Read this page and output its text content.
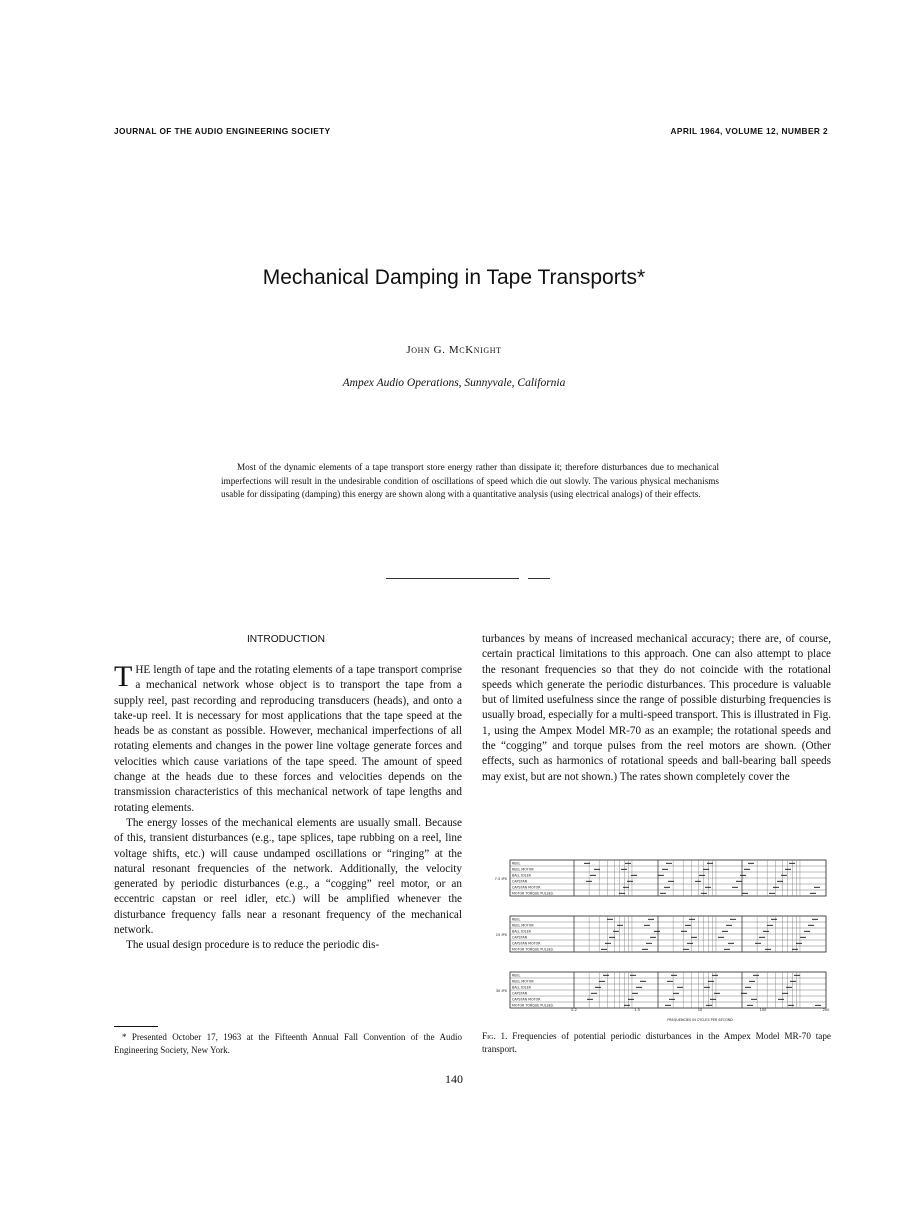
JOURNAL OF THE AUDIO ENGINEERING SOCIETY	APRIL 1964, VOLUME 12, NUMBER 2
Mechanical Damping in Tape Transports*
John G. McKnight
Ampex Audio Operations, Sunnyvale, California
Most of the dynamic elements of a tape transport store energy rather than dissipate it; therefore disturbances due to mechanical imperfections will result in the undesirable condition of oscillations of speed which die out slowly. The various physical mechanisms usable for dissipating (damping) this energy are shown along with a quantitative analysis (using electrical analogs) of their effects.
INTRODUCTION

THE length of tape and the rotating elements of a tape transport comprise a mechanical network whose object is to transport the tape from a supply reel, past recording and reproducing transducers (heads), and onto a take-up reel. It is necessary for most applications that the tape speed at the heads be as constant as possible. However, mechanical imperfections of all rotating elements and changes in the power line voltage generate forces and velocities which cause variations of the tape speed. The amount of speed change at the heads due to these forces and velocities depends on the transmission characteristics of this mechanical network of tape lengths and rotating elements.

The energy losses of the mechanical elements are usually small. Because of this, transient disturbances (e.g., tape splices, tape rubbing on a reel, line voltage shifts, etc.) will cause undamped oscillations or “ringing” at the natural resonant frequencies of the network. Additionally, the velocity generated by periodic disturbances (e.g., a “cogging” reel motor, or an eccentric capstan or reel idler, etc.) will be amplified whenever the disturbance frequency falls near a resonant frequency of the mechanical network.

The usual design procedure is to reduce the periodic dis-

turbances by means of increased mechanical accuracy; there are, of course, certain practical limitations to this approach. One can also attempt to place the resonant frequencies so that they do not coincide with the rotational speeds which generate the periodic disturbances. This procedure is valuable but of limited usefulness since the range of possible disturbing frequencies is usually broad, especially for a multi-speed transport. This is illustrated in Fig. 1, using the Ampex Model MR-70 as an example; the rotational speeds and the “cogging” and torque pulses from the reel motors are shown. (Other effects, such as harmonics of rotational speeds and ball-bearing ball speeds may exist, but are not shown.) The rates shown completely cover the

7.5 IPS
REEL
REEL MOTOR
BALL IDLER
CAPSTAN
CAPSTAN MOTOR
MOTOR TORQUE PULSES
15 IPS
REEL
REEL MOTOR
BALL IDLER
CAPSTAN
CAPSTAN MOTOR
MOTOR TORQUE PULSES
30 IPS
REEL
REEL MOTOR
BALL IDLER
CAPSTAN
CAPSTAN MOTOR
MOTOR TORQUE PULSES
0.2	1.0	10	100	200
FREQUENCIES IN CYCLES PER SECOND
* Presented October 17, 1963 at the Fifteenth Annual Fall Convention of the Audio Engineering Society, New York.
Fig. 1. Frequencies of potential periodic disturbances in the Ampex Model MR-70 tape transport.
140
